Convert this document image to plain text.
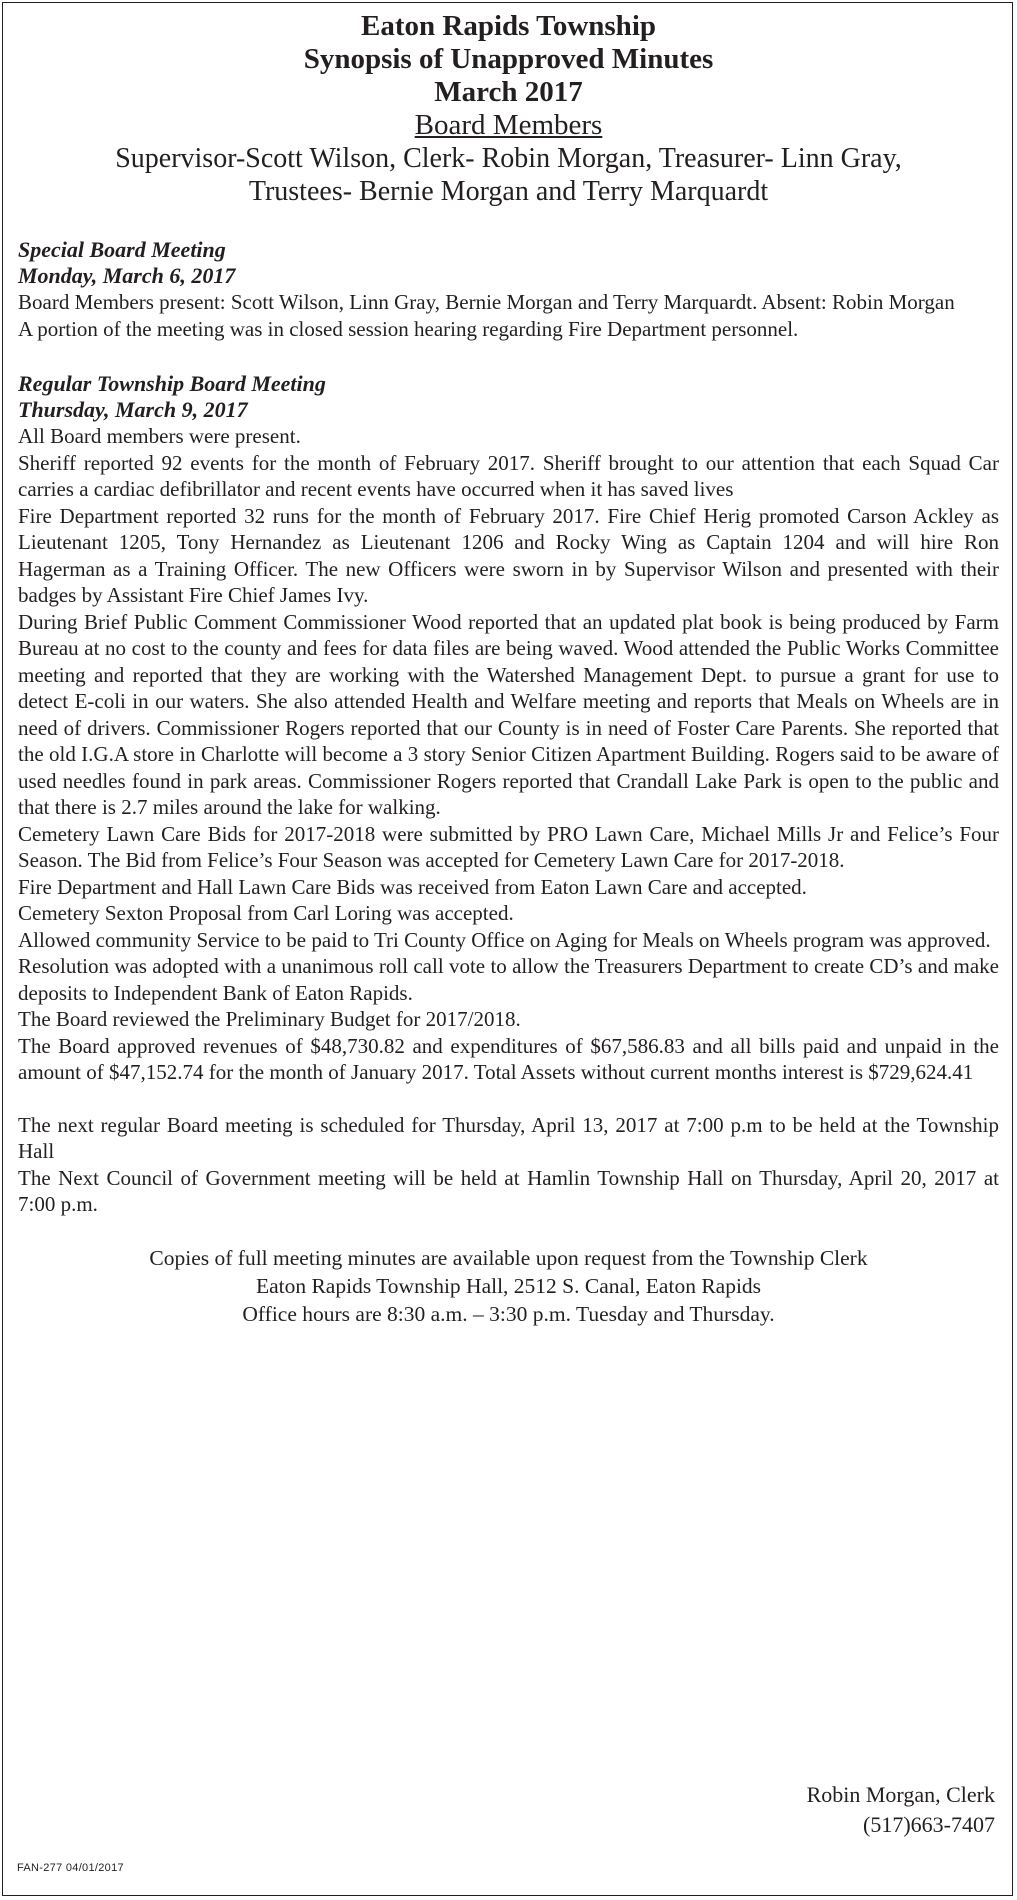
Eaton Rapids Township
Synopsis of Unapproved Minutes
March 2017
Board Members
Supervisor-Scott Wilson, Clerk- Robin Morgan, Treasurer- Linn Gray,
Trustees- Bernie Morgan and Terry Marquardt
Special Board Meeting
Monday, March 6, 2017
Board Members present: Scott Wilson, Linn Gray, Bernie Morgan and Terry Marquardt. Absent: Robin Morgan
A portion of the meeting was in closed session hearing regarding Fire Department personnel.
Regular Township Board Meeting
Thursday, March 9, 2017
All Board members were present.
Sheriff reported 92 events for the month of February 2017. Sheriff brought to our attention that each Squad Car carries a cardiac defibrillator and recent events have occurred when it has saved lives
Fire Department reported 32 runs for the month of February 2017. Fire Chief Herig promoted Carson Ackley as Lieutenant 1205, Tony Hernandez as Lieutenant 1206 and Rocky Wing as Captain 1204 and will hire Ron Hagerman as a Training Officer. The new Officers were sworn in by Supervisor Wilson and presented with their badges by Assistant Fire Chief James Ivy.
During Brief Public Comment Commissioner Wood reported that an updated plat book is being produced by Farm Bureau at no cost to the county and fees for data files are being waved. Wood attended the Public Works Committee meeting and reported that they are working with the Watershed Management Dept. to pursue a grant for use to detect E-coli in our waters. She also attended Health and Welfare meeting and reports that Meals on Wheels are in need of drivers. Commissioner Rogers reported that our County is in need of Foster Care Parents. She reported that the old I.G.A store in Charlotte will become a 3 story Senior Citizen Apartment Building. Rogers said to be aware of used needles found in park areas. Commissioner Rogers reported that Crandall Lake Park is open to the public and that there is 2.7 miles around the lake for walking.
Cemetery Lawn Care Bids for 2017-2018 were submitted by PRO Lawn Care, Michael Mills Jr and Felice’s Four Season. The Bid from Felice’s Four Season was accepted for Cemetery Lawn Care for 2017-2018.
Fire Department and Hall Lawn Care Bids was received from Eaton Lawn Care and accepted.
Cemetery Sexton Proposal from Carl Loring was accepted.
Allowed community Service to be paid to Tri County Office on Aging for Meals on Wheels program was approved.
Resolution was adopted with a unanimous roll call vote to allow the Treasurers Department to create CD’s and make deposits to Independent Bank of Eaton Rapids.
The Board reviewed the Preliminary Budget for 2017/2018.
The Board approved revenues of $48,730.82 and expenditures of $67,586.83 and all bills paid and unpaid in the amount of $47,152.74 for the month of January 2017. Total Assets without current months interest is $729,624.41
The next regular Board meeting is scheduled for Thursday, April 13, 2017 at 7:00 p.m to be held at the Township Hall
The Next Council of Government meeting will be held at Hamlin Township Hall on Thursday, April 20, 2017 at 7:00 p.m.
Copies of full meeting minutes are available upon request from the Township Clerk
Eaton Rapids Township Hall, 2512 S. Canal, Eaton Rapids
Office hours are 8:30 a.m. – 3:30 p.m. Tuesday and Thursday.
Robin Morgan, Clerk
(517)663-7407
FAN-277 04/01/2017
